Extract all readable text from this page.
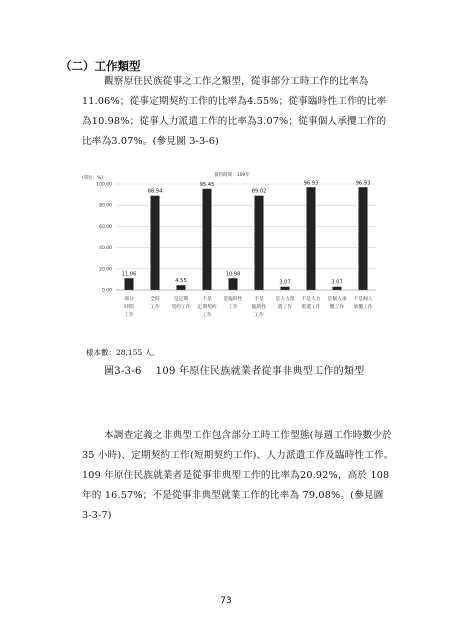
（二）工作類型

觀察原住民族從事之工作之類型，從事部分工時工作的比率為11.06%；從事定期契約工作的比率為4.55%；從事臨時性工作的比率為10.98%；從事人力派遣工作的比率為3.07%；從事個人承攬工作的比率為3.07%。(參見圖 3-3-6)

資料時間：109年
(單位：%)
0.00
20.00
40.00
60.00
80.00
100.00
11.06
部分
時間
工作
88.94
全時
工作
4.55
是定期
契約工作
95.45
不是
定期契約
工作
10.98
是臨時性
工作
89.02
不是
臨時性
工作
3.07
是人力派
遣工作
96.93
不是人力
派遣工作
3.07
是個人承
攬工作
96.93
不是個人
承攬工作
樣本數：28,155 人。
圖3-3-6 109 年原住民族就業者從事非典型工作的類型

本調查定義之非典型工作包含部分工時工作型態(每週工作時數少於 35 小時)、定期契約工作(短期契約工作)、人力派遣工作及臨時性工作。109 年原住民族就業者是從事非典型工作的比率為20.92%，高於 108 年的 16.57%；不是從事非典型就業工作的比率為 79.08%。(參見圖 3-3-7)

73
